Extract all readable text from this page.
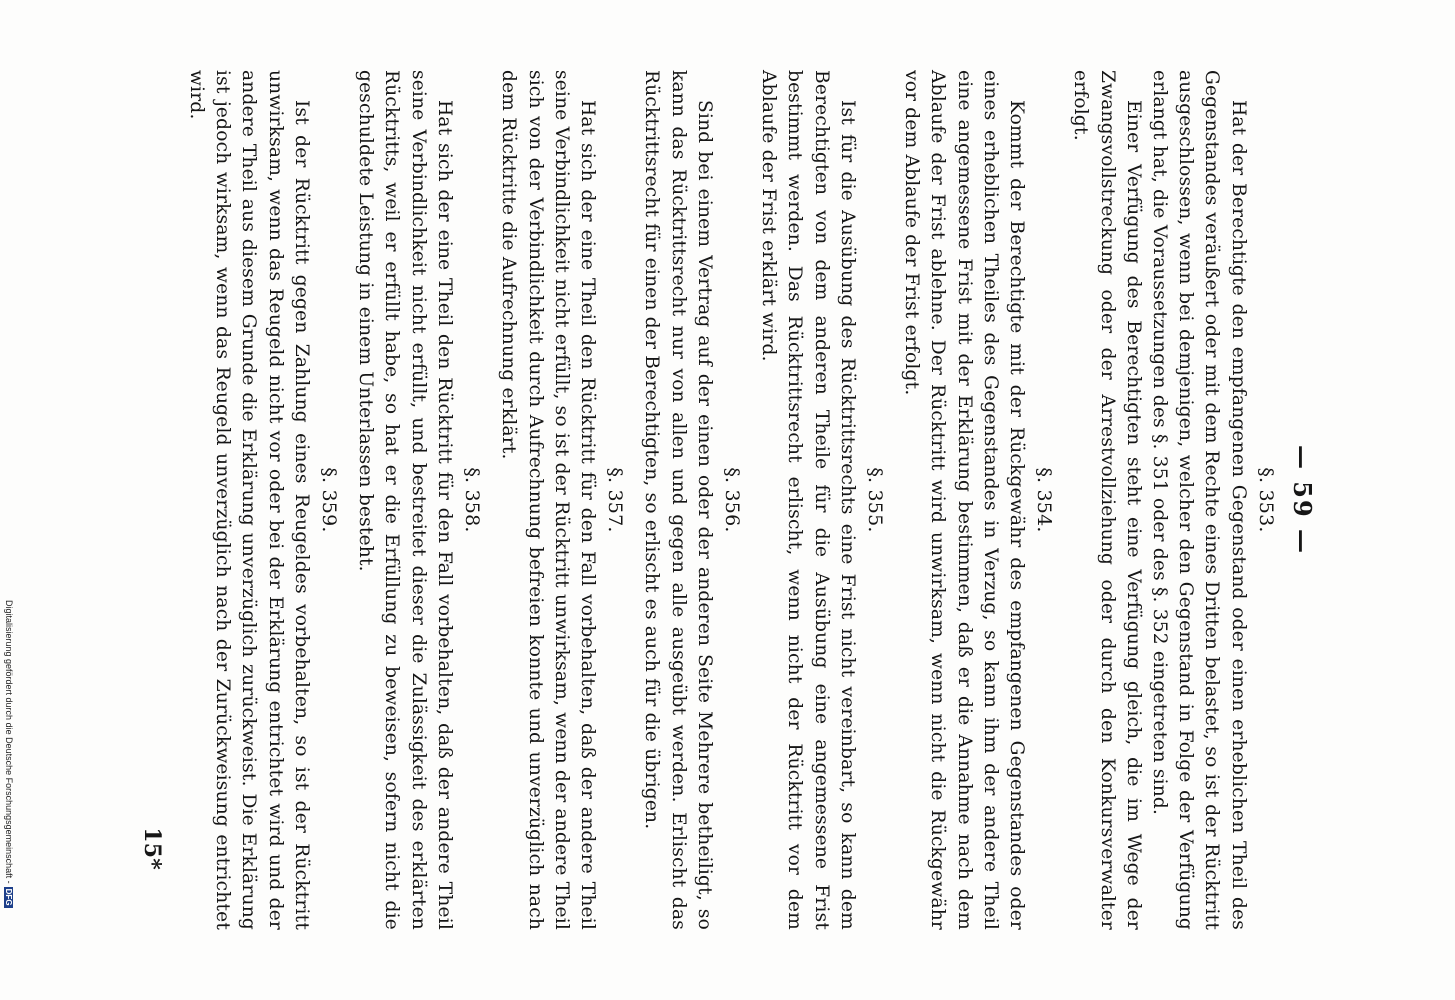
— 59 —
§. 353.

Hat der Berechtigte den empfangenen Gegenstand oder einen erheblichen Theil des Gegenstandes veräußert oder mit dem Rechte eines Dritten belastet, so ist der Rücktritt ausgeschlossen, wenn bei demjenigen, welcher den Gegenstand in Folge der Verfügung erlangt hat, die Voraussetzungen des §. 351 oder des §. 352 eingetreten sind.

Einer Verfügung des Berechtigten steht eine Verfügung gleich, die im Wege der Zwangsvollstreckung oder der Arrestvollziehung oder durch den Konkursverwalter erfolgt.

§. 354.

Kommt der Berechtigte mit der Rückgewähr des empfangenen Gegenstandes oder eines erheblichen Theiles des Gegenstandes in Verzug, so kann ihm der andere Theil eine angemessene Frist mit der Erklärung bestimmen, daß er die Annahme nach dem Ablaufe der Frist ablehne. Der Rücktritt wird unwirksam, wenn nicht die Rückgewähr vor dem Ablaufe der Frist erfolgt.

§. 355.

Ist für die Ausübung des Rücktrittsrechts eine Frist nicht vereinbart, so kann dem Berechtigten von dem anderen Theile für die Ausübung eine angemessene Frist bestimmt werden. Das Rücktrittsrecht erlischt, wenn nicht der Rücktritt vor dem Ablaufe der Frist erklärt wird.

§. 356.

Sind bei einem Vertrag auf der einen oder der anderen Seite Mehrere betheiligt, so kann das Rücktrittsrecht nur von allen und gegen alle ausgeübt werden. Erlischt das Rücktrittsrecht für einen der Berechtigten, so erlischt es auch für die übrigen.

§. 357.

Hat sich der eine Theil den Rücktritt für den Fall vorbehalten, daß der andere Theil seine Verbindlichkeit nicht erfüllt, so ist der Rücktritt unwirksam, wenn der andere Theil sich von der Verbindlichkeit durch Aufrechnung befreien konnte und unverzüglich nach dem Rücktritte die Aufrechnung erklärt.

§. 358.

Hat sich der eine Theil den Rücktritt für den Fall vorbehalten, daß der andere Theil seine Verbindlichkeit nicht erfüllt, und bestreitet dieser die Zulässigkeit des erklärten Rücktritts, weil er erfüllt habe, so hat er die Erfüllung zu beweisen, sofern nicht die geschuldete Leistung in einem Unterlassen besteht.

§. 359.

Ist der Rücktritt gegen Zahlung eines Reugeldes vorbehalten, so ist der Rücktritt unwirksam, wenn das Reugeld nicht vor oder bei der Erklärung entrichtet wird und der andere Theil aus diesem Grunde die Erklärung unverzüglich zurückweist. Die Erklärung ist jedoch wirksam, wenn das Reugeld unverzüglich nach der Zurückweisung entrichtet wird.

15*
Digitalisierung gefördert durch die Deutsche Forschungsgemeinschaft -DFG
